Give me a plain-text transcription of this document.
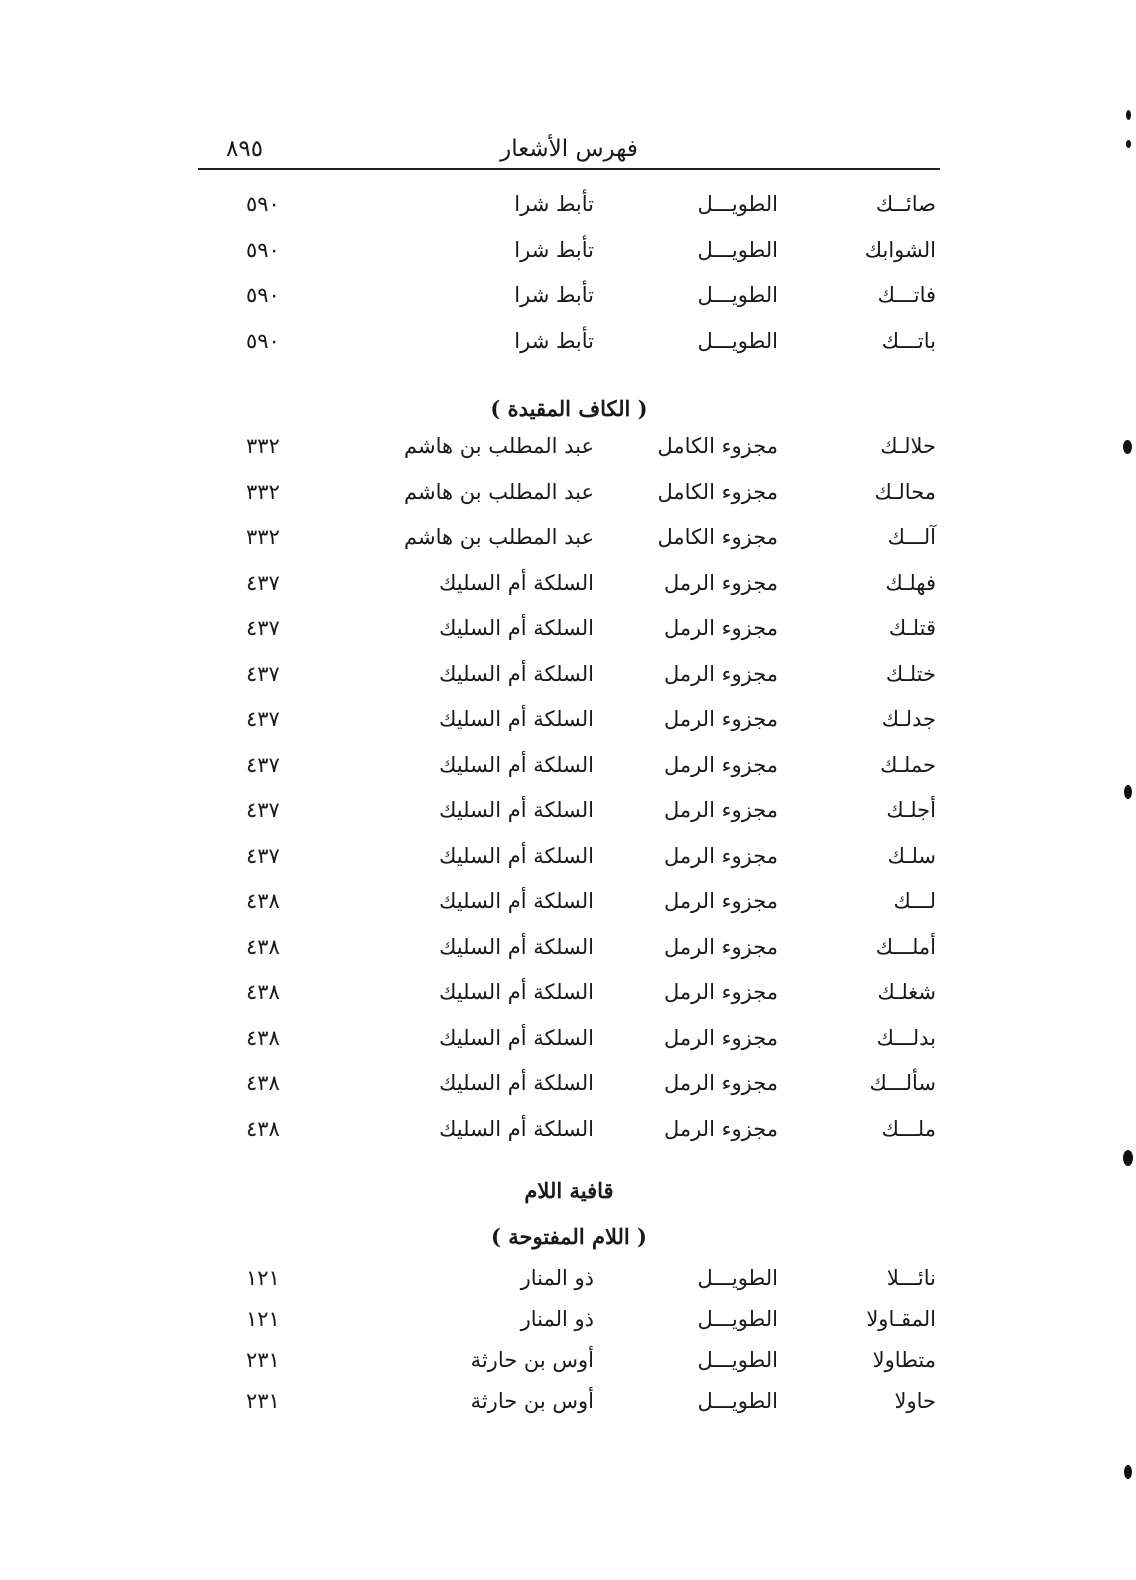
٨٩٥	فهرس الأشعار
صائــك
الطويـــل
تأبط شرا
٥٩٠
الشوابك
الطويـــل
تأبط شرا
٥٩٠
فاتـــك
الطويـــل
تأبط شرا
٥٩٠
باتـــك
الطويـــل
تأبط شرا
٥٩٠
( الكاف المقيدة )
حلالـك
مجزوء الكامل
عبد المطلب بن هاشم
٣٣٢
محالـك
مجزوء الكامل
عبد المطلب بن هاشم
٣٣٢
آلـــك
مجزوء الكامل
عبد المطلب بن هاشم
٣٣٢
فهلـك
مجزوء الرمل
السلكة أم السليك
٤٣٧
قتلـك
مجزوء الرمل
السلكة أم السليك
٤٣٧
ختلـك
مجزوء الرمل
السلكة أم السليك
٤٣٧
جدلـك
مجزوء الرمل
السلكة أم السليك
٤٣٧
حملـك
مجزوء الرمل
السلكة أم السليك
٤٣٧
أجلـك
مجزوء الرمل
السلكة أم السليك
٤٣٧
سلـك
مجزوء الرمل
السلكة أم السليك
٤٣٧
لـــك
مجزوء الرمل
السلكة أم السليك
٤٣٨
أملـــك
مجزوء الرمل
السلكة أم السليك
٤٣٨
شغلـك
مجزوء الرمل
السلكة أم السليك
٤٣٨
بدلـــك
مجزوء الرمل
السلكة أم السليك
٤٣٨
سألـــك
مجزوء الرمل
السلكة أم السليك
٤٣٨
ملـــك
مجزوء الرمل
السلكة أم السليك
٤٣٨
قافية اللام
( اللام المفتوحة )
نائـــلا
الطويـــل
ذو المنار
١٢١
المقـاولا
الطويـــل
ذو المنار
١٢١
متطاولا
الطويـــل
أوس بن حارثة
٢٣١
حاولا
الطويـــل
أوس بن حارثة
٢٣١
